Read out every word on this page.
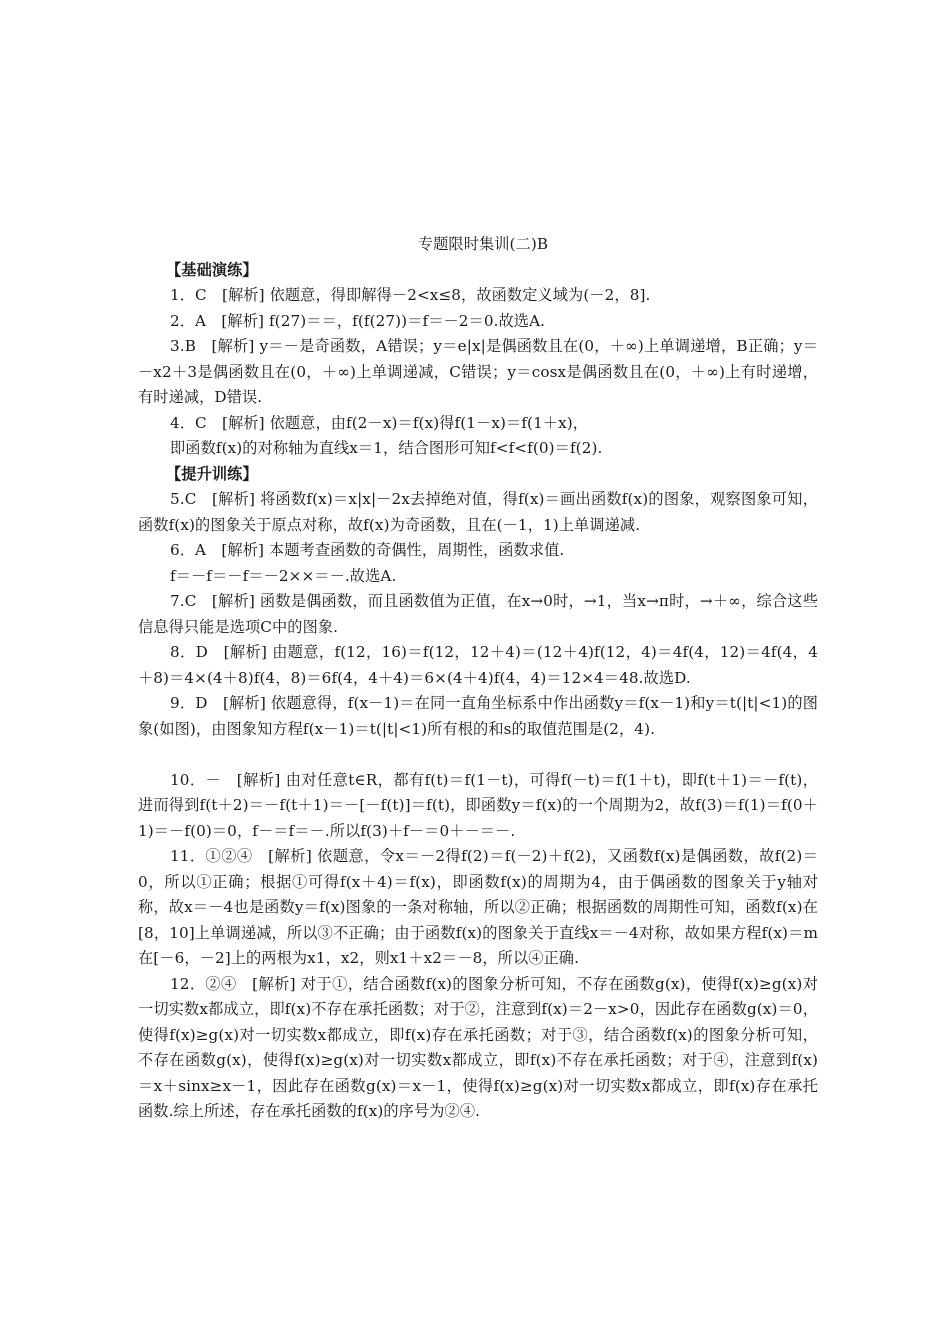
专题限时集训(二)B

【基础演练】

1．C　[解析] 依题意，得即解得－2<x≤8，故函数定义域为(－2，8].

2．A　[解析] f(27)＝＝，f(f(27))＝f＝－2＝0.故选A.

3.B　[解析] y＝－是奇函数，A错误；y＝e|x|是偶函数且在(0，＋∞)上单调递增，B正确；y＝－x2＋3是偶函数且在(0，＋∞)上单调递减，C错误；y＝cosx是偶函数且在(0，＋∞)上有时递增，有时递减，D错误.

4．C　[解析] 依题意，由f(2－x)＝f(x)得f(1－x)＝f(1＋x)，

即函数f(x)的对称轴为直线x＝1，结合图形可知f<f<f(0)＝f(2).

【提升训练】

5.C　[解析] 将函数f(x)＝x|x|－2x去掉绝对值，得f(x)＝画出函数f(x)的图象，观察图象可知，函数f(x)的图象关于原点对称，故f(x)为奇函数，且在(－1，1)上单调递减.

6．A　[解析] 本题考查函数的奇偶性，周期性，函数求值.

f＝－f＝－f＝－2××＝－.故选A.

7.C　[解析] 函数是偶函数，而且函数值为正值，在x→0时，→1，当x→π时，→＋∞，综合这些信息得只能是选项C中的图象.

8．D　[解析] 由题意，f(12，16)＝f(12，12＋4)＝(12＋4)f(12，4)＝4f(4，12)＝4f(4，4＋8)＝4×(4＋8)f(4，8)＝6f(4，4＋4)＝6×(4＋4)f(4，4)＝12×4＝48.故选D.

9．D　[解析] 依题意得，f(x－1)＝在同一直角坐标系中作出函数y＝f(x－1)和y＝t(|t|<1)的图象(如图)，由图象知方程f(x－1)＝t(|t|<1)所有根的和s的取值范围是(2，4).

10．－　[解析] 由对任意t∈R，都有f(t)＝f(1－t)，可得f(－t)＝f(1＋t)，即f(t＋1)＝－f(t)，进而得到f(t＋2)＝－f(t＋1)＝－[－f(t)]＝f(t)，即函数y＝f(x)的一个周期为2，故f(3)＝f(1)＝f(0＋1)＝－f(0)＝0，f－＝f＝－.所以f(3)＋f－＝0＋－＝－.

11．①②④　[解析] 依题意，令x＝－2得f(2)＝f(－2)＋f(2)，又函数f(x)是偶函数，故f(2)＝0，所以①正确；根据①可得f(x＋4)＝f(x)，即函数f(x)的周期为4，由于偶函数的图象关于y轴对称，故x＝－4也是函数y＝f(x)图象的一条对称轴，所以②正确；根据函数的周期性可知，函数f(x)在[8，10]上单调递减，所以③不正确；由于函数f(x)的图象关于直线x＝－4对称，故如果方程f(x)＝m在[－6，－2]上的两根为x1，x2，则x1＋x2＝－8，所以④正确.

12．②④　[解析] 对于①，结合函数f(x)的图象分析可知，不存在函数g(x)，使得f(x)≥g(x)对一切实数x都成立，即f(x)不存在承托函数；对于②，注意到f(x)＝2－x>0，因此存在函数g(x)＝0，使得f(x)≥g(x)对一切实数x都成立，即f(x)存在承托函数；对于③，结合函数f(x)的图象分析可知，不存在函数g(x)，使得f(x)≥g(x)对一切实数x都成立，即f(x)不存在承托函数；对于④，注意到f(x)＝x＋sinx≥x－1，因此存在函数g(x)＝x－1，使得f(x)≥g(x)对一切实数x都成立，即f(x)存在承托函数.综上所述，存在承托函数的f(x)的序号为②④.
